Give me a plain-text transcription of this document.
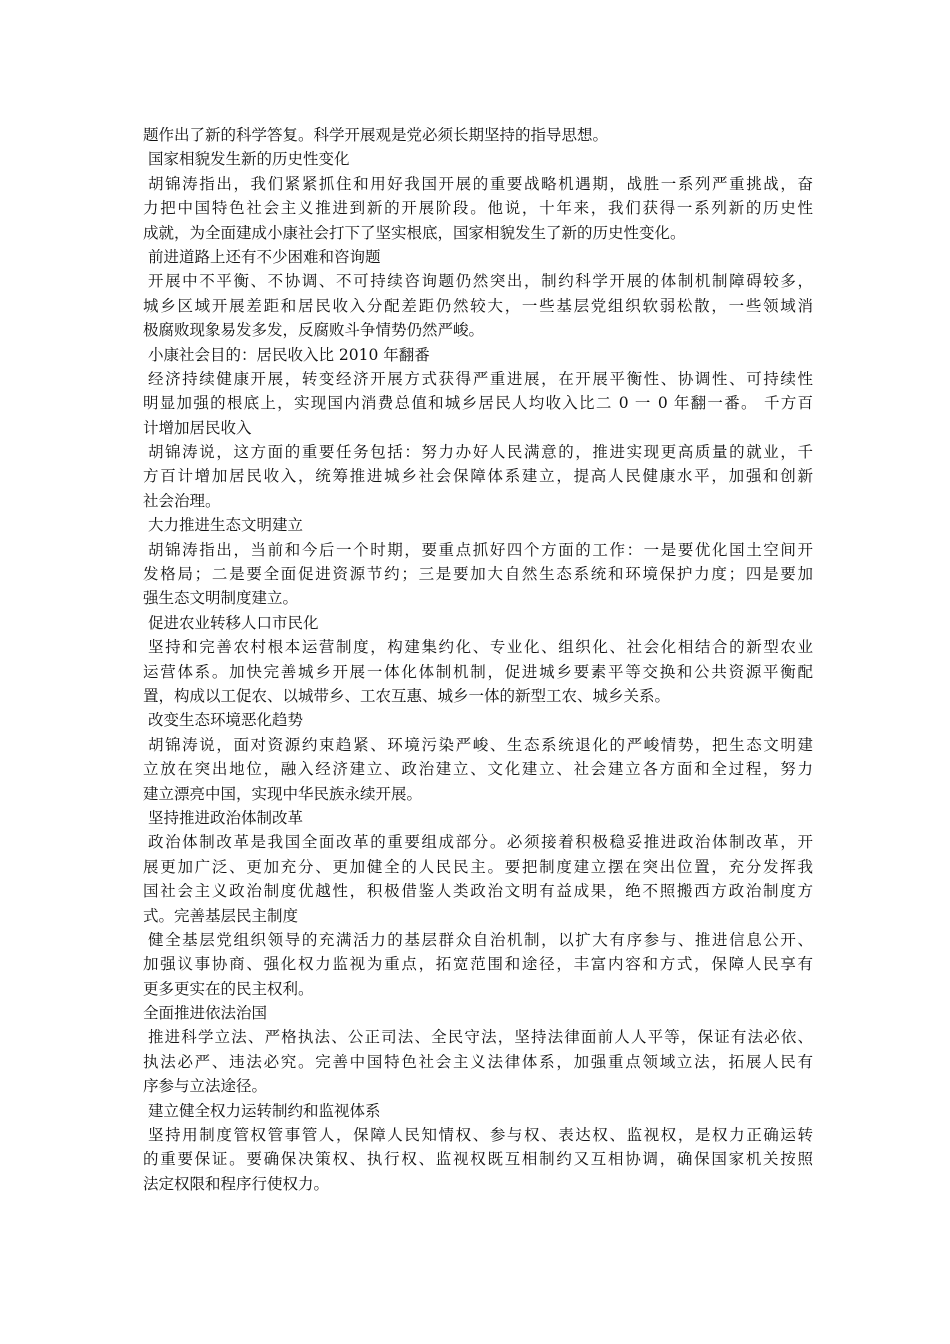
题作出了新的科学答复。科学开展观是党必须长期坚持的指导思想。
国家相貌发生新的历史性变化
胡锦涛指出，我们紧紧抓住和用好我国开展的重要战略机遇期，战胜一系列严重挑战，奋
力把中国特色社会主义推进到新的开展阶段。他说，十年来，我们获得一系列新的历史性
成就，为全面建成小康社会打下了坚实根底，国家相貌发生了新的历史性变化。
前进道路上还有不少困难和咨询题
开展中不平衡、不协调、不可持续咨询题仍然突出，制约科学开展的体制机制障碍较多，
城乡区域开展差距和居民收入分配差距仍然较大，一些基层党组织软弱松散，一些领域消
极腐败现象易发多发，反腐败斗争情势仍然严峻。
小康社会目的：居民收入比 2010 年翻番
经济持续健康开展，转变经济开展方式获得严重进展，在开展平衡性、协调性、可持续性
明显加强的根底上，实现国内消费总值和城乡居民人均收入比二 0 一 0 年翻一番。 千方百
计增加居民收入
胡锦涛说，这方面的重要任务包括：努力办好人民满意的，推进实现更高质量的就业，千
方百计增加居民收入，统筹推进城乡社会保障体系建立，提高人民健康水平，加强和创新
社会治理。
大力推进生态文明建立
胡锦涛指出，当前和今后一个时期，要重点抓好四个方面的工作：一是要优化国土空间开
发格局；二是要全面促进资源节约；三是要加大自然生态系统和环境保护力度；四是要加
强生态文明制度建立。
促进农业转移人口市民化
坚持和完善农村根本运营制度，构建集约化、专业化、组织化、社会化相结合的新型农业
运营体系。加快完善城乡开展一体化体制机制，促进城乡要素平等交换和公共资源平衡配
置，构成以工促农、以城带乡、工农互惠、城乡一体的新型工农、城乡关系。
改变生态环境恶化趋势
胡锦涛说，面对资源约束趋紧、环境污染严峻、生态系统退化的严峻情势，把生态文明建
立放在突出地位，融入经济建立、政治建立、文化建立、社会建立各方面和全过程，努力
建立漂亮中国，实现中华民族永续开展。
坚持推进政治体制改革
政治体制改革是我国全面改革的重要组成部分。必须接着积极稳妥推进政治体制改革，开
展更加广泛、更加充分、更加健全的人民民主。要把制度建立摆在突出位置，充分发挥我
国社会主义政治制度优越性，积极借鉴人类政治文明有益成果，绝不照搬西方政治制度方
式。完善基层民主制度
健全基层党组织领导的充满活力的基层群众自治机制，以扩大有序参与、推进信息公开、
加强议事协商、强化权力监视为重点，拓宽范围和途径，丰富内容和方式，保障人民享有
更多更实在的民主权利。
全面推进依法治国
推进科学立法、严格执法、公正司法、全民守法，坚持法律面前人人平等，保证有法必依、
执法必严、违法必究。完善中国特色社会主义法律体系，加强重点领域立法，拓展人民有
序参与立法途径。
建立健全权力运转制约和监视体系
坚持用制度管权管事管人，保障人民知情权、参与权、表达权、监视权，是权力正确运转
的重要保证。要确保决策权、执行权、监视权既互相制约又互相协调，确保国家机关按照
法定权限和程序行使权力。
